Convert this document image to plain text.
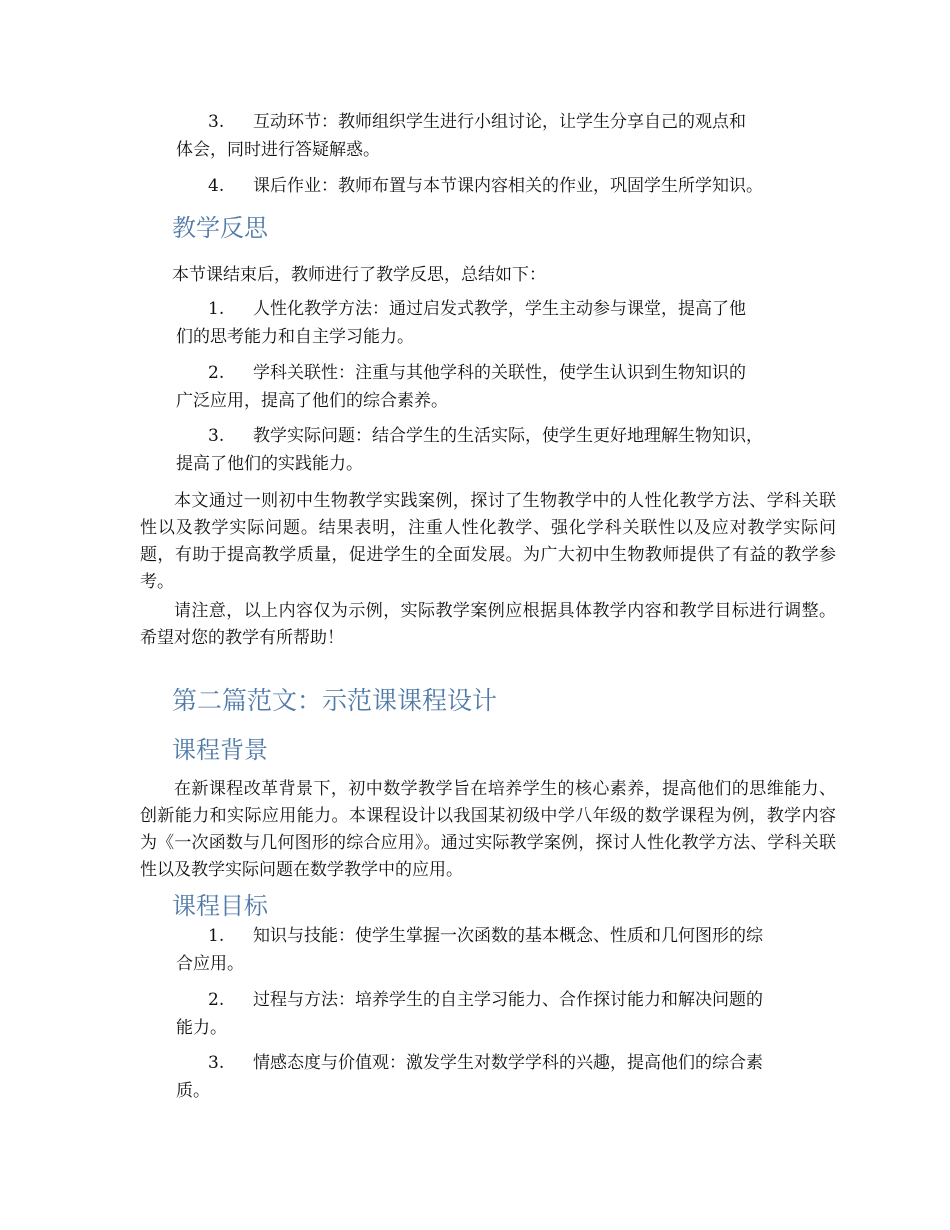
3.	互动环节：教师组织学生进行小组讨论，让学生分享自己的观点和
体会，同时进行答疑解惑。
4.	课后作业：教师布置与本节课内容相关的作业，巩固学生所学知识。
教学反思
本节课结束后，教师进行了教学反思，总结如下：
1.	人性化教学方法：通过启发式教学，学生主动参与课堂，提高了他
们的思考能力和自主学习能力。
2.	学科关联性：注重与其他学科的关联性，使学生认识到生物知识的
广泛应用，提高了他们的综合素养。
3.	教学实际问题：结合学生的生活实际，使学生更好地理解生物知识，
提高了他们的实践能力。
本文通过一则初中生物教学实践案例，探讨了生物教学中的人性化教学方法、学科关联性以及教学实际问题。结果表明，注重人性化教学、强化学科关联性以及应对教学实际问题，有助于提高教学质量，促进学生的全面发展。为广大初中生物教师提供了有益的教学参考。
请注意，以上内容仅为示例，实际教学案例应根据具体教学内容和教学目标进行调整。希望对您的教学有所帮助！
第二篇范文：示范课课程设计
课程背景
在新课程改革背景下，初中数学教学旨在培养学生的核心素养，提高他们的思维能力、创新能力和实际应用能力。本课程设计以我国某初级中学八年级的数学课程为例，教学内容为《一次函数与几何图形的综合应用》。通过实际教学案例，探讨人性化教学方法、学科关联性以及教学实际问题在数学教学中的应用。
课程目标
1.	知识与技能：使学生掌握一次函数的基本概念、性质和几何图形的综
合应用。
2.	过程与方法：培养学生的自主学习能力、合作探讨能力和解决问题的
能力。
3.	情感态度与价值观：激发学生对数学学科的兴趣，提高他们的综合素
质。
